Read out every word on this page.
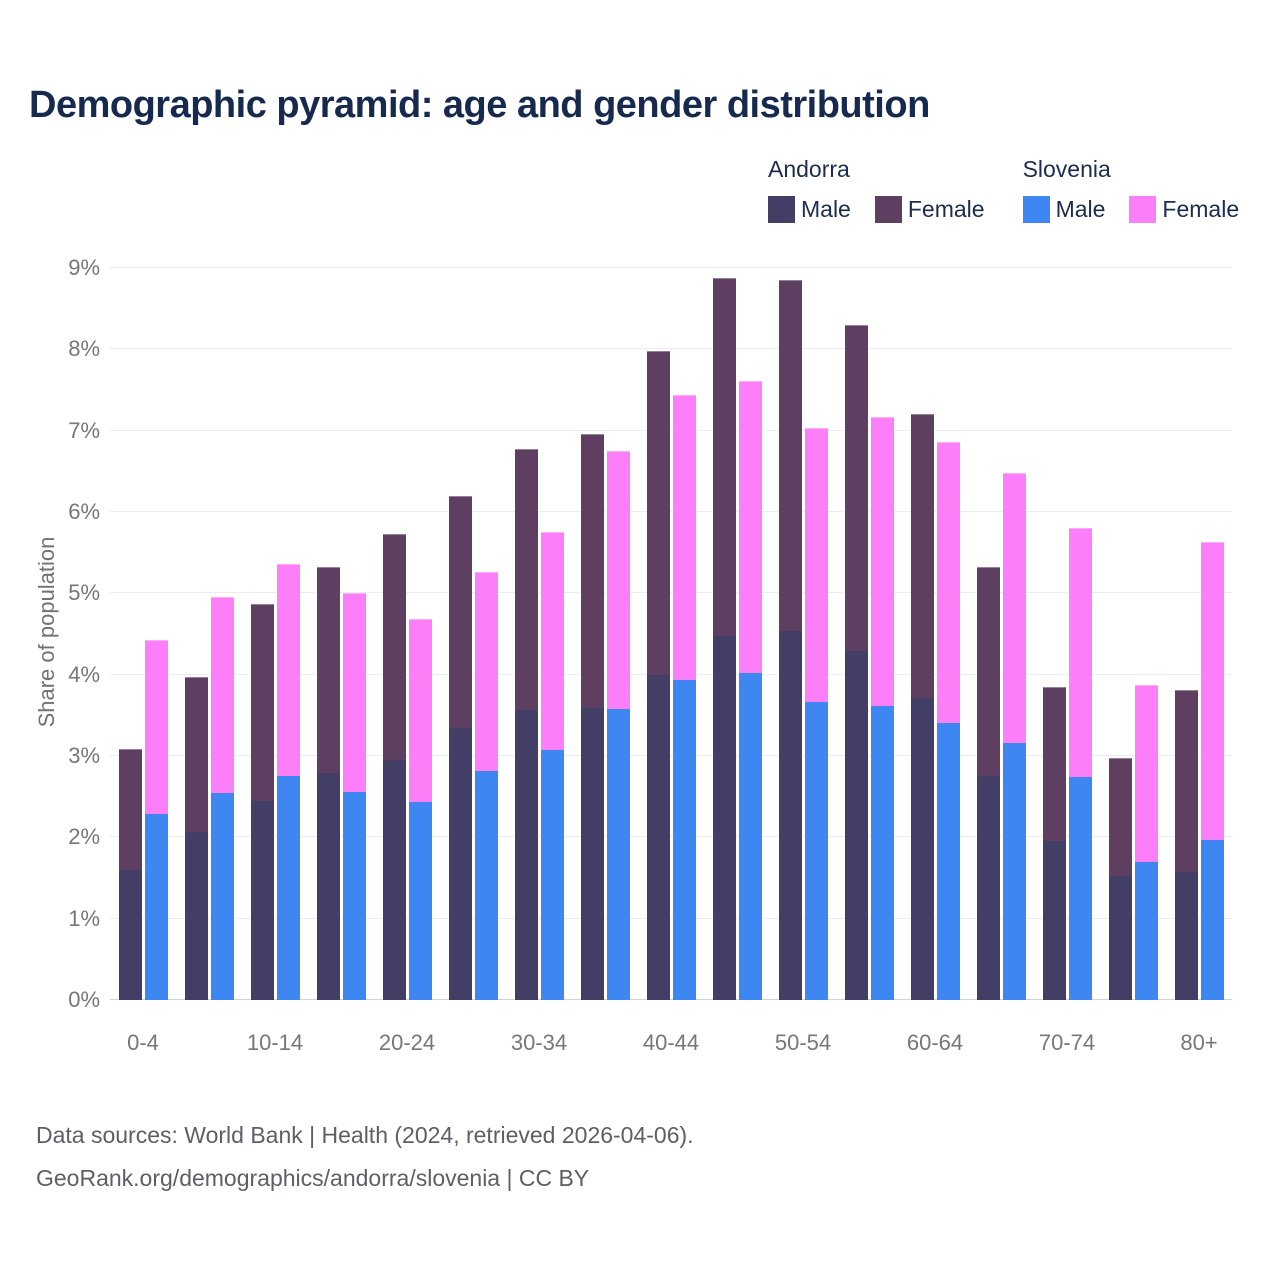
Demographic pyramid: age and gender distribution
Andorra
Male Female
Slovenia
Male Female
Share of population
0%
1%
2%
3%
4%
5%
6%
7%
8%
9%
0-4	10-14	20-24	30-34	40-44	50-54	60-64	70-74	80+
Data sources: World Bank | Health (2024, retrieved 2026-04-06).
GeoRank.org/demographics/andorra/slovenia | CC BY
